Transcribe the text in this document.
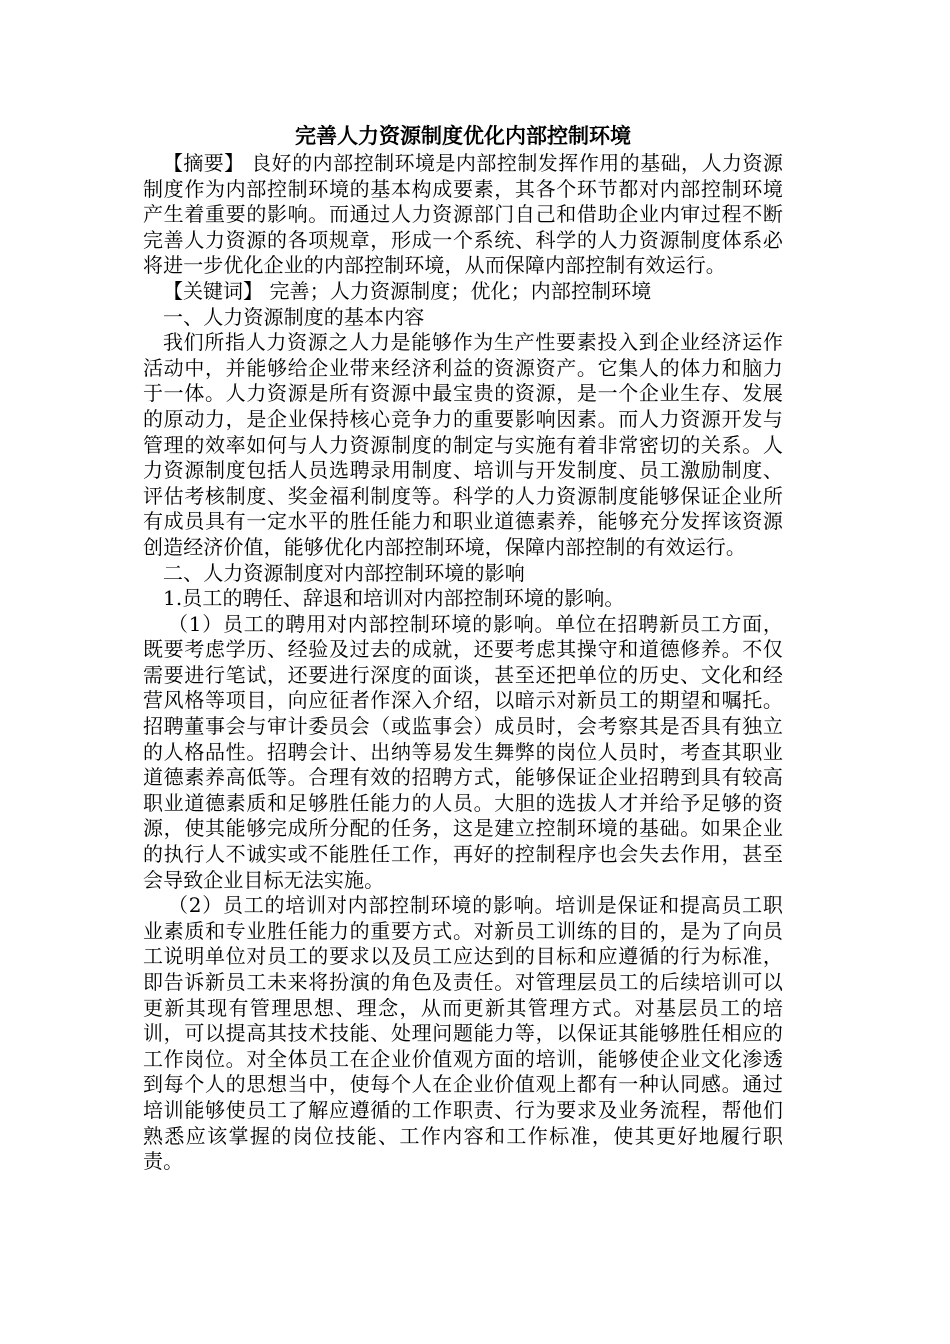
完善人力资源制度优化内部控制环境

【摘要】 良好的内部控制环境是内部控制发挥作用的基础，人力资源制度作为内部控制环境的基本构成要素，其各个环节都对内部控制环境产生着重要的影响。而通过人力资源部门自己和借助企业内审过程不断完善人力资源的各项规章，形成一个系统、科学的人力资源制度体系必将进一步优化企业的内部控制环境，从而保障内部控制有效运行。

【关键词】 完善；人力资源制度；优化；内部控制环境

一、人力资源制度的基本内容

我们所指人力资源之人力是能够作为生产性要素投入到企业经济运作活动中，并能够给企业带来经济利益的资源资产。它集人的体力和脑力于一体。人力资源是所有资源中最宝贵的资源，是一个企业生存、发展的原动力，是企业保持核心竞争力的重要影响因素。而人力资源开发与管理的效率如何与人力资源制度的制定与实施有着非常密切的关系。人力资源制度包括人员选聘录用制度、培训与开发制度、员工激励制度、评估考核制度、奖金福利制度等。科学的人力资源制度能够保证企业所有成员具有一定水平的胜任能力和职业道德素养，能够充分发挥该资源创造经济价值，能够优化内部控制环境，保障内部控制的有效运行。

二、人力资源制度对内部控制环境的影响

1.员工的聘任、辞退和培训对内部控制环境的影响。

（1）员工的聘用对内部控制环境的影响。单位在招聘新员工方面，既要考虑学历、经验及过去的成就，还要考虑其操守和道德修养。不仅需要进行笔试，还要进行深度的面谈，甚至还把单位的历史、文化和经营风格等项目，向应征者作深入介绍，以暗示对新员工的期望和嘱托。招聘董事会与审计委员会（或监事会）成员时，会考察其是否具有独立的人格品性。招聘会计、出纳等易发生舞弊的岗位人员时，考查其职业道德素养高低等。合理有效的招聘方式，能够保证企业招聘到具有较高职业道德素质和足够胜任能力的人员。大胆的选拔人才并给予足够的资源，使其能够完成所分配的任务，这是建立控制环境的基础。如果企业的执行人不诚实或不能胜任工作，再好的控制程序也会失去作用，甚至会导致企业目标无法实施。

（2）员工的培训对内部控制环境的影响。培训是保证和提高员工职业素质和专业胜任能力的重要方式。对新员工训练的目的，是为了向员工说明单位对员工的要求以及员工应达到的目标和应遵循的行为标准，即告诉新员工未来将扮演的角色及责任。对管理层员工的后续培训可以更新其现有管理思想、理念，从而更新其管理方式。对基层员工的培训，可以提高其技术技能、处理问题能力等，以保证其能够胜任相应的工作岗位。对全体员工在企业价值观方面的培训，能够使企业文化渗透到每个人的思想当中，使每个人在企业价值观上都有一种认同感。通过培训能够使员工了解应遵循的工作职责、行为要求及业务流程，帮他们熟悉应该掌握的岗位技能、工作内容和工作标准，使其更好地履行职责。
